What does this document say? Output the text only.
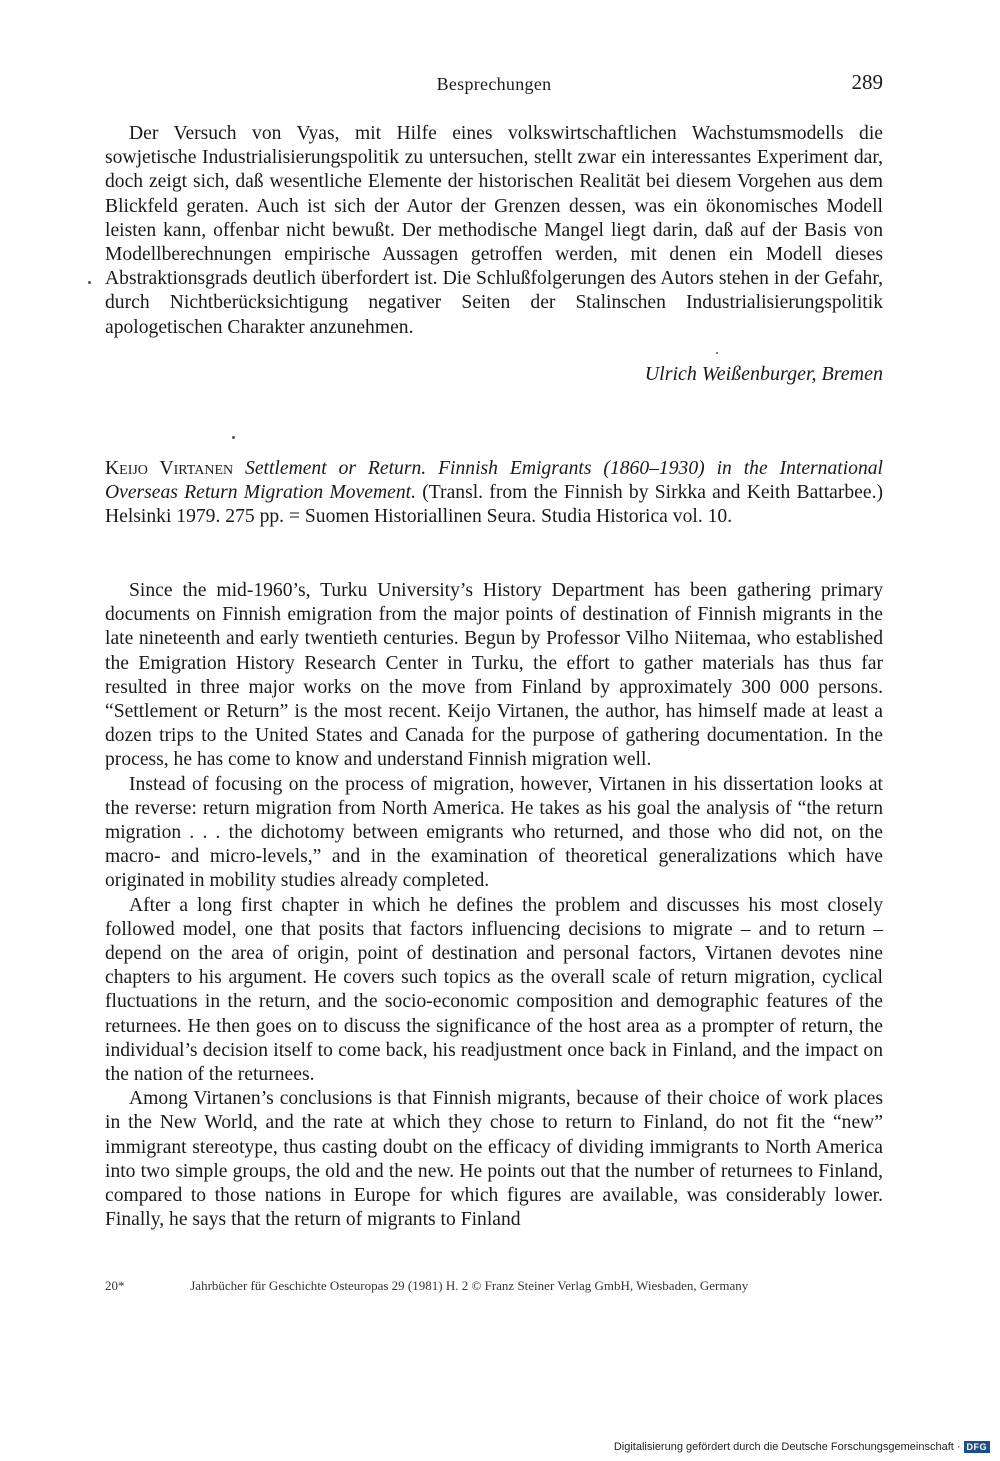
Besprechungen	289

Der Versuch von Vyas, mit Hilfe eines volkswirtschaftlichen Wachstumsmodells die sowjetische Industrialisierungspolitik zu untersuchen, stellt zwar ein interessantes Experiment dar, doch zeigt sich, daß wesentliche Elemente der historischen Realität bei diesem Vorgehen aus dem Blickfeld geraten. Auch ist sich der Autor der Grenzen dessen, was ein ökonomisches Modell leisten kann, offenbar nicht bewußt. Der methodische Mangel liegt darin, daß auf der Basis von Modellberechnungen empirische Aussagen getroffen werden, mit denen ein Modell dieses Abstraktionsgrads deutlich überfordert ist. Die Schlußfolgerungen des Autors stehen in der Gefahr, durch Nichtberücksichtigung negativer Seiten der Stalinschen Industrialisierungspolitik apologetischen Charakter anzunehmen.

Ulrich Weißenburger, Bremen
Keijo Virtanen Settlement or Return. Finnish Emigrants (1860–1930) in the International Overseas Return Migration Movement. (Transl. from the Finnish by Sirkka and Keith Battarbee.) Helsinki 1979. 275 pp. = Suomen Historiallinen Seura. Studia Historica vol. 10.

Since the mid-1960’s, Turku University’s History Department has been gathering primary documents on Finnish emigration from the major points of destination of Finnish migrants in the late nineteenth and early twentieth centuries. Begun by Professor Vilho Niitemaa, who established the Emigration History Research Center in Turku, the effort to gather materials has thus far resulted in three major works on the move from Finland by approximately 300 000 persons. “Settlement or Return” is the most recent. Keijo Virtanen, the author, has himself made at least a dozen trips to the United States and Canada for the purpose of gathering documentation. In the process, he has come to know and understand Finnish migration well.

Instead of focusing on the process of migration, however, Virtanen in his dissertation looks at the reverse: return migration from North America. He takes as his goal the analysis of “the return migration . . . the dichotomy between emigrants who returned, and those who did not, on the macro- and micro-levels,” and in the examination of theoretical generalizations which have originated in mobility studies already completed.

After a long first chapter in which he defines the problem and discusses his most closely followed model, one that posits that factors influencing decisions to migrate – and to return – depend on the area of origin, point of destination and personal factors, Virtanen devotes nine chapters to his argument. He covers such topics as the overall scale of return migration, cyclical fluctuations in the return, and the socio-economic composition and demographic features of the returnees. He then goes on to discuss the significance of the host area as a prompter of return, the individual’s decision itself to come back, his readjustment once back in Finland, and the impact on the nation of the returnees.

Among Virtanen’s conclusions is that Finnish migrants, because of their choice of work places in the New World, and the rate at which they chose to return to Finland, do not fit the “new” immigrant stereotype, thus casting doubt on the efficacy of dividing immigrants to North America into two simple groups, the old and the new. He points out that the number of returnees to Finland, compared to those nations in Europe for which figures are available, was considerably lower. Finally, he says that the return of migrants to Finland

20*	Jahrbücher für Geschichte Osteuropas 29 (1981) H. 2 © Franz Steiner Verlag GmbH, Wiesbaden, Germany
Digitalisierung gefördert durch die Deutsche Forschungsgemeinschaft · DFG
